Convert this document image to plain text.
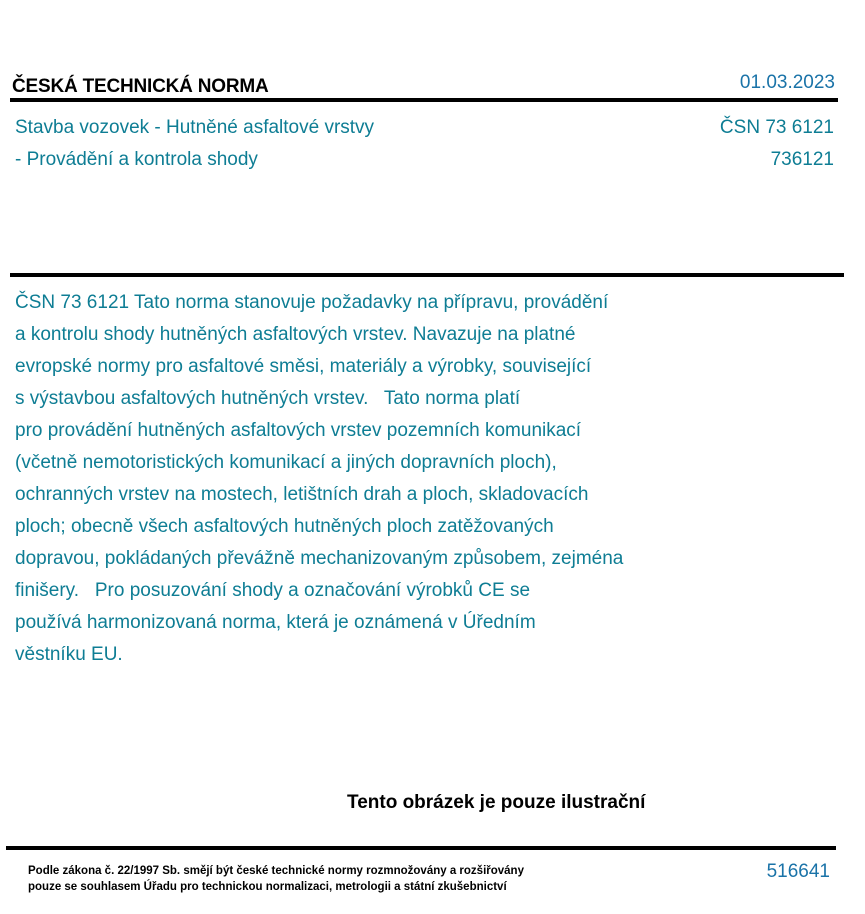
ČESKÁ TECHNICKÁ NORMA	01.03.2023
Stavba vozovek - Hutněné asfaltové vrstvy
- Provádění a kontrola shody
ČSN 73 6121
736121
ČSN 73 6121 Tato norma stanovuje požadavky na přípravu, provádění
a kontrolu shody hutněných asfaltových vrstev. Navazuje na platné
evropské normy pro asfaltové směsi, materiály a výrobky, související
s výstavbou asfaltových hutněných vrstev.   Tato norma platí
pro provádění hutněných asfaltových vrstev pozemních komunikací
(včetně nemotoristických komunikací a jiných dopravních ploch),
ochranných vrstev na mostech, letištních drah a ploch, skladovacích
ploch; obecně všech asfaltových hutněných ploch zatěžovaných
dopravou, pokládaných převážně mechanizovaným způsobem, zejména
finišery.   Pro posuzování shody a označování výrobků CE se
používá harmonizovaná norma, která je oznámená v Úředním
věstníku EU.
Tento obrázek je pouze ilustrační
Podle zákona č. 22/1997 Sb. smějí být české technické normy rozmnožovány a rozšiřovány
pouze se souhlasem Úřadu pro technickou normalizaci, metrologii a státní zkušebnictví
516641
